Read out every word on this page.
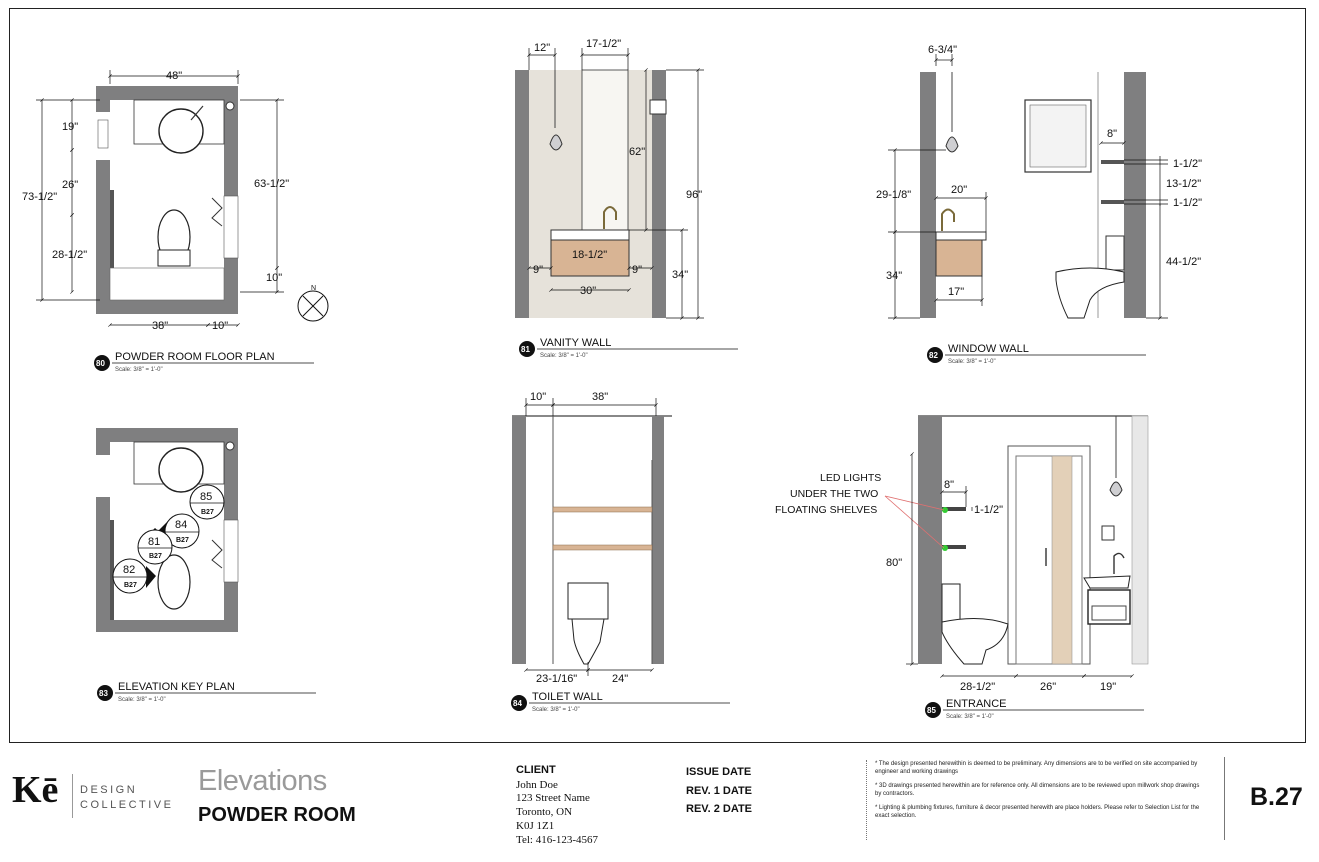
48"
19"
26"
73-1/2"
28-1/2"
63-1/2"
10"
38"	10"
N
85
B27
84
B27
81
B27
82
B27
12"	17-1/2"
62"
96"
18-1/2"
9"	9"	34"
30"
6-3/4"
8"
1-1/2"
13-1/2"
1-1/2"
29-1/8"	20"
34"
17"
44-1/2"
10"	38"
23-1/16"	24"
8"
1-1/2"
80"
28-1/2"	26"	19"
LED LIGHTS
UNDER THE TWO
FLOATING SHELVES
80
POWDER ROOM FLOOR PLAN
Scale: 3/8" = 1'-0"
81
VANITY WALL
Scale: 3/8" = 1'-0"	82
WINDOW WALL
Scale: 3/8" = 1'-0"
83
ELEVATION KEY PLAN
Scale: 3/8" = 1'-0"	84
TOILET WALL
Scale: 3/8" = 1'-0"	85
ENTRANCE
Scale: 3/8" = 1'-0"
Kē DESIGN
COLLECTIVE
Elevations
POWDER ROOM
CLIENT
John Doe
123 Street Name
Toronto, ON
K0J 1Z1
Tel: 416-123-4567
ISSUE DATE
REV. 1 DATE
REV. 2 DATE

* The design presented herewithin is deemed to be preliminary. Any dimensions are to be verified on site accompanied by engineer and working drawings

* 3D drawings presented herewithin are for reference only. All dimensions are to be reviewed upon millwork shop drawings by contractors.

* Lighting & plumbing fixtures, furniture & decor presented herewith are place holders. Please refer to Selection List for the exact selection.

B.27
